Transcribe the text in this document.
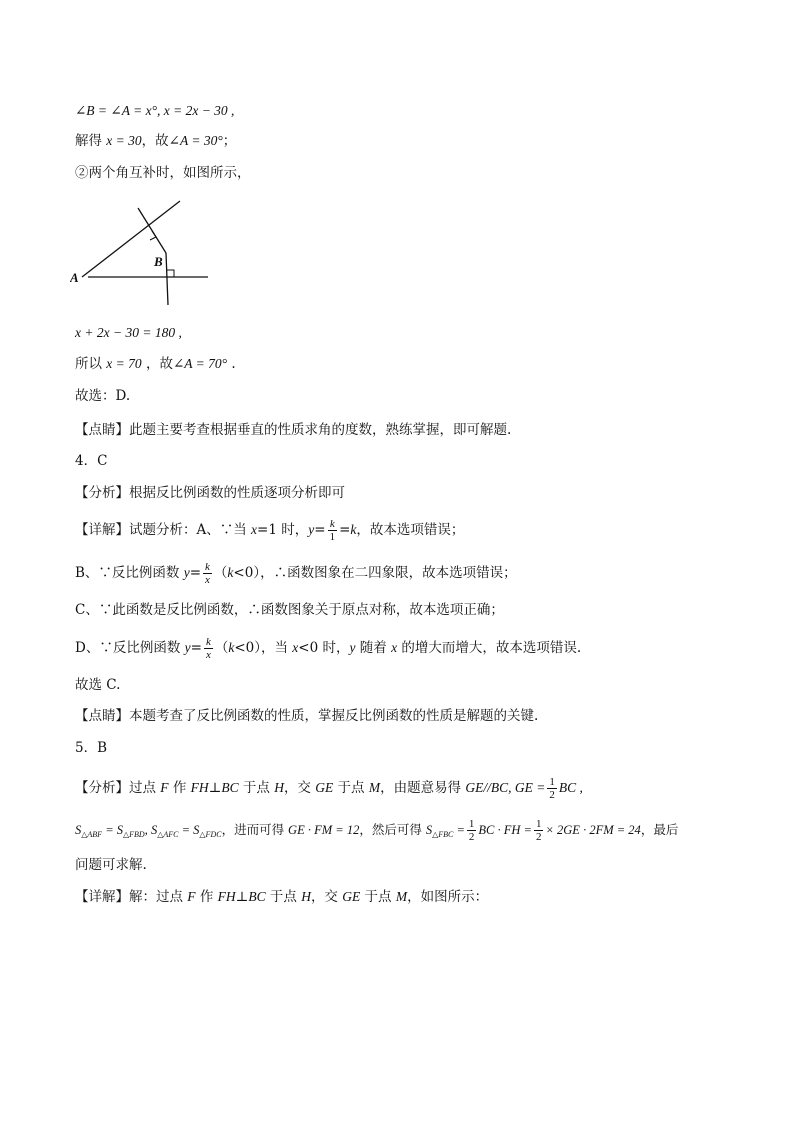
∠B = ∠A = x°, x = 2x − 30 ,
解得 x = 30，故∠A = 30°；
②两个角互补时，如图所示，
A
B
x + 2x − 30 = 180 ,
所以 x = 70 ，故∠A = 70° .
故选：D.
【点睛】此题主要考查根据垂直的性质求角的度数，熟练掌握，即可解题.
4．C
【分析】根据反比例函数的性质逐项分析即可
【详解】试题分析：A、∵当 x=1 时，$y= \frac{k}{1} =k$，故本选项错误；
B、∵反比例函数 $y= \frac{k}{x} (k<0)$，∴函数图象在二四象限，故本选项错误；
C、∵此函数是反比例函数，∴函数图象关于原点对称，故本选项正确；
D、∵反比例函数 $y= \frac{k}{x} (k<0)$，当 x<0 时，y 随着 x 的增大而增大，故本选项错误.
故选 C.
【点睛】本题考查了反比例函数的性质，掌握反比例函数的性质是解题的关键.
5．B
【分析】过点 F 作 FH⊥BC 于点 H，交 GE 于点 M，由题意易得 GE//BC, GE = $\frac{1}{2}$ BC ,
$S_{\triangle ABF} = S_{\triangle FBD}$, $S_{\triangle AFC} = S_{\triangle FDC}$，进而可得 GE · FM = 12，然后可得 $S_{\triangle FBC} = \frac{1}{2}$ BC · FH = $\frac{1}{2} \times 2GE \cdot 2FM = 24$，最后
问题可求解.
【详解】解：过点 F 作 FH⊥BC 于点 H，交 GE 于点 M，如图所示：
